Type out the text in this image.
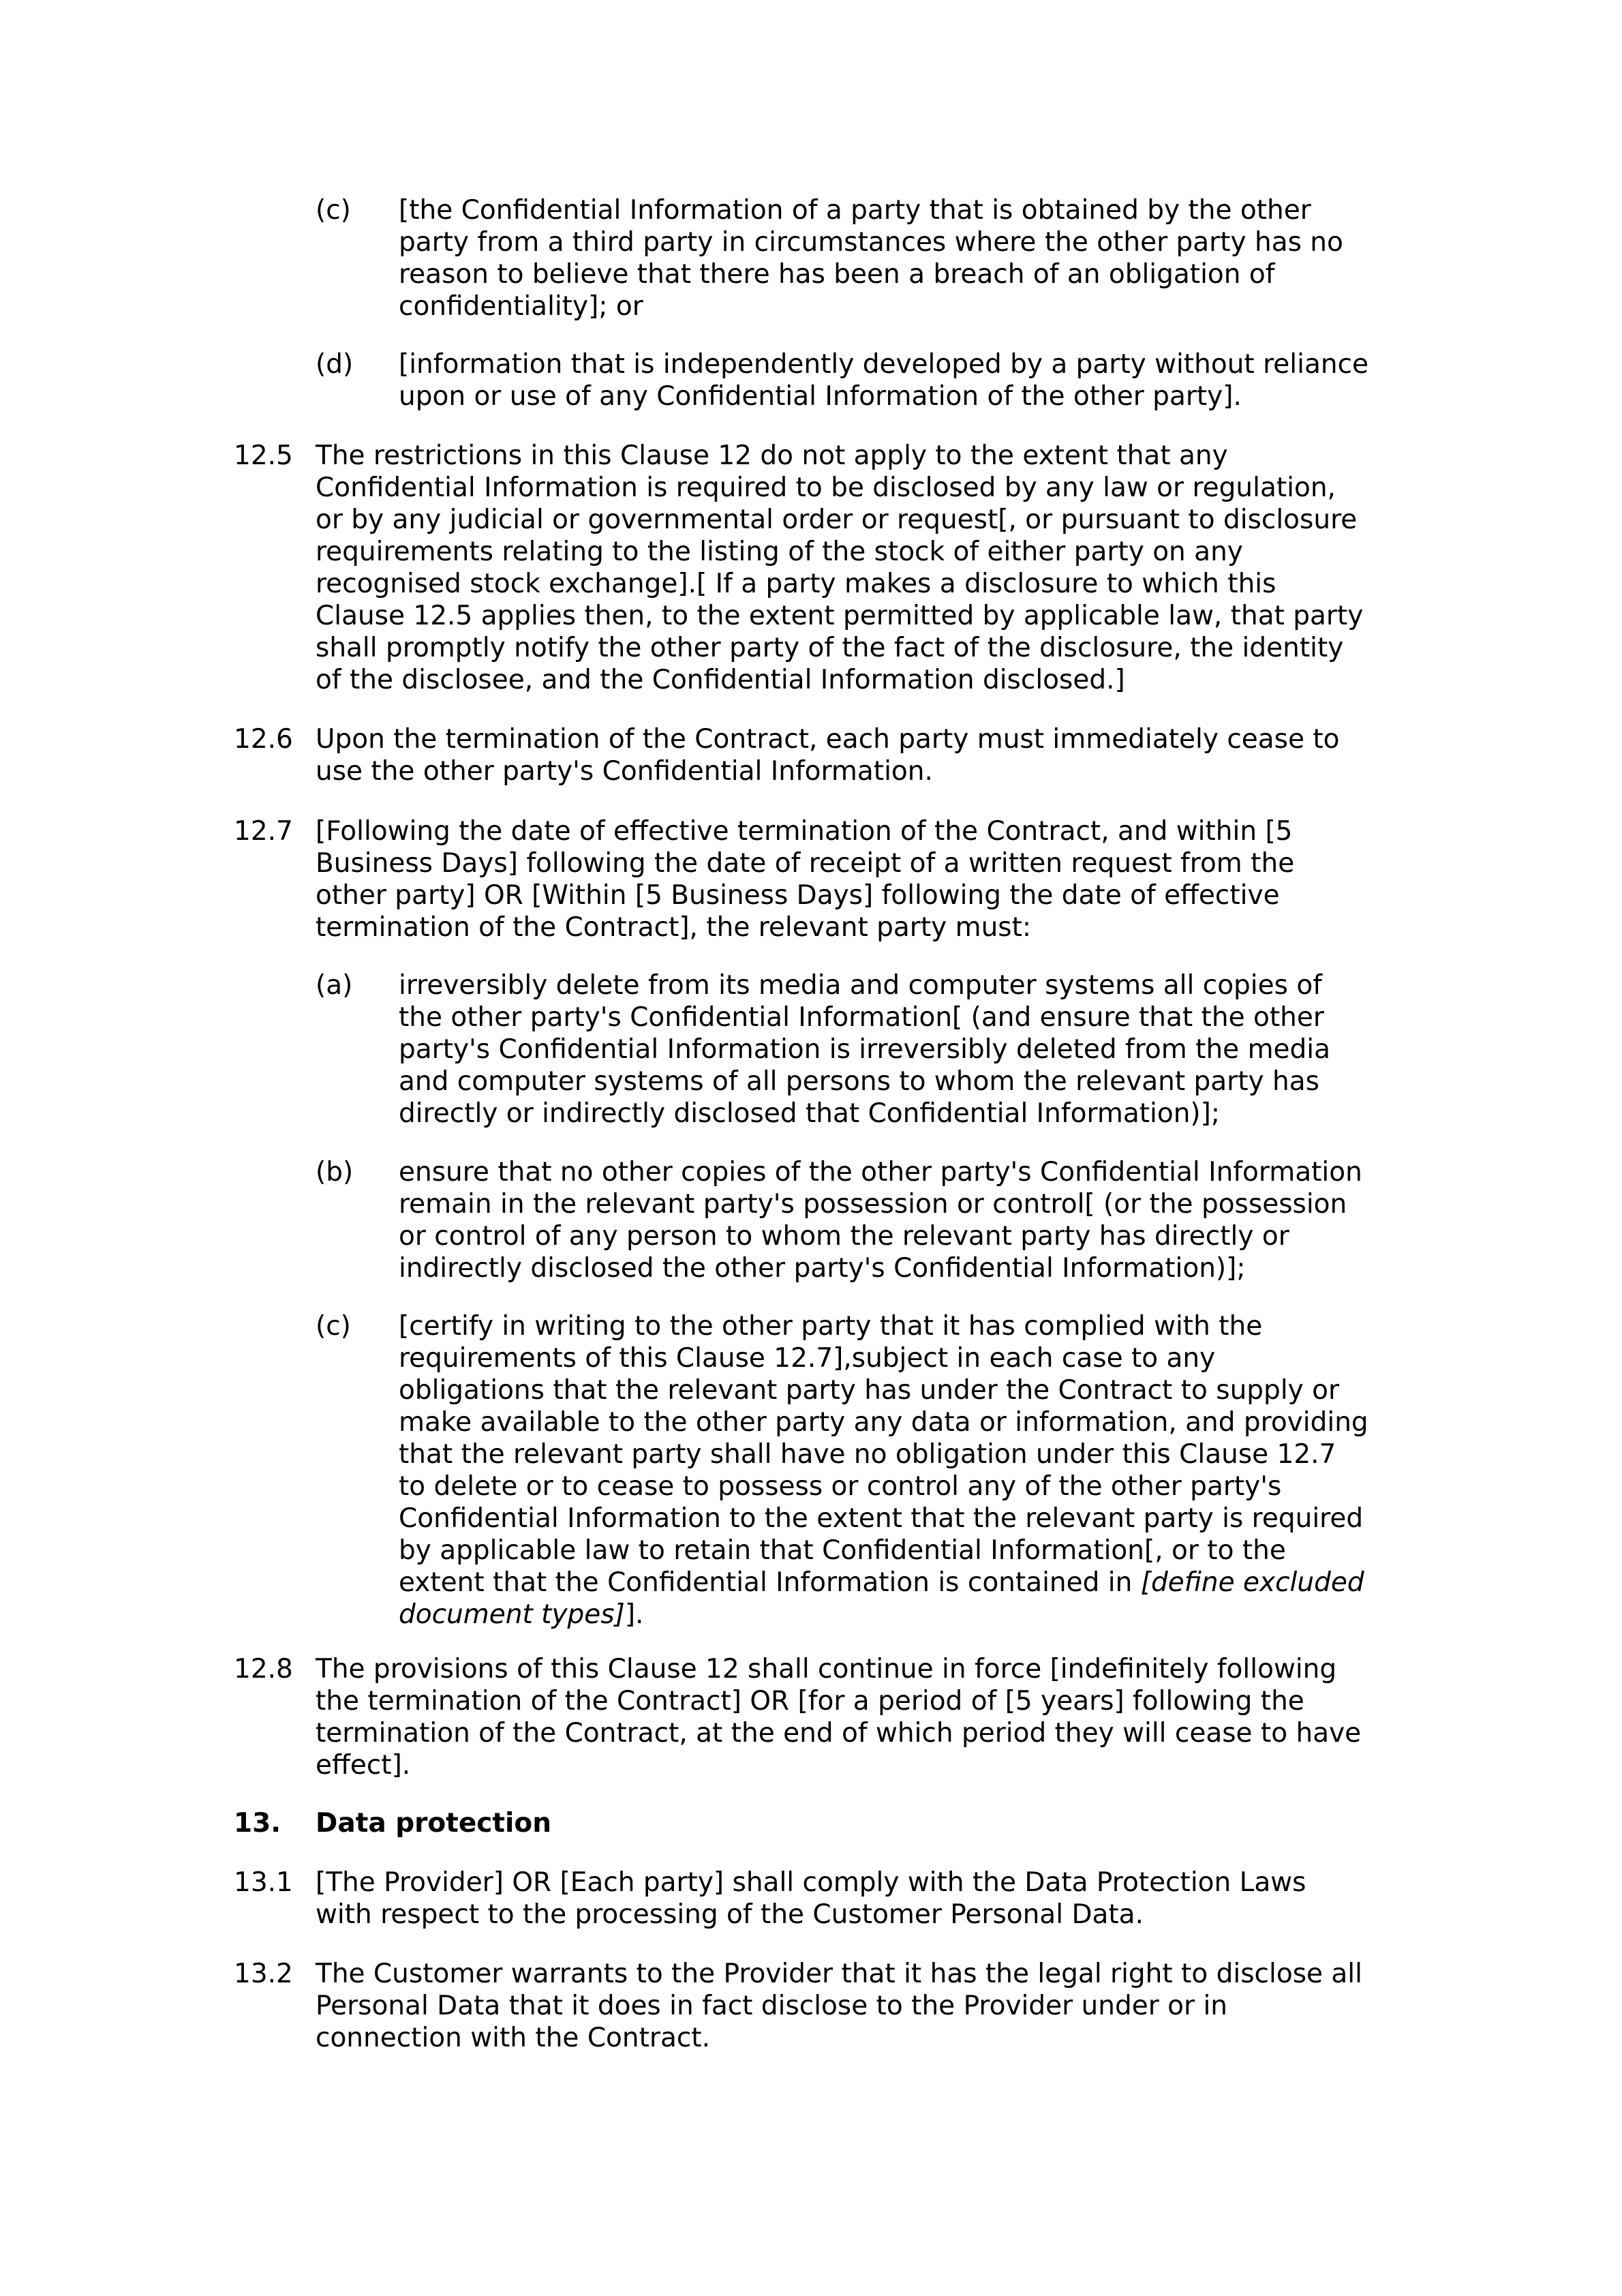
(c) [the Confidential Information of a party that is obtained by the other
party from a third party in circumstances where the other party has no
reason to believe that there has been a breach of an obligation of
confidentiality]; or
(d) [information that is independently developed by a party without reliance
upon or use of any Confidential Information of the other party].
12.5 The restrictions in this Clause 12 do not apply to the extent that any
Confidential Information is required to be disclosed by any law or regulation,
or by any judicial or governmental order or request[, or pursuant to disclosure
requirements relating to the listing of the stock of either party on any
recognised stock exchange].[ If a party makes a disclosure to which this
Clause 12.5 applies then, to the extent permitted by applicable law, that party
shall promptly notify the other party of the fact of the disclosure, the identity
of the disclosee, and the Confidential Information disclosed.]
12.6 Upon the termination of the Contract, each party must immediately cease to
use the other party's Confidential Information.
12.7 [Following the date of effective termination of the Contract, and within [5
Business Days] following the date of receipt of a written request from the
other party] OR [Within [5 Business Days] following the date of effective
termination of the Contract], the relevant party must:
(a) irreversibly delete from its media and computer systems all copies of
the other party's Confidential Information[ (and ensure that the other
party's Confidential Information is irreversibly deleted from the media
and computer systems of all persons to whom the relevant party has
directly or indirectly disclosed that Confidential Information)];
(b) ensure that no other copies of the other party's Confidential Information
remain in the relevant party's possession or control[ (or the possession
or control of any person to whom the relevant party has directly or
indirectly disclosed the other party's Confidential Information)];
(c) [certify in writing to the other party that it has complied with the
requirements of this Clause 12.7],subject in each case to any
obligations that the relevant party has under the Contract to supply or
make available to the other party any data or information, and providing
that the relevant party shall have no obligation under this Clause 12.7
to delete or to cease to possess or control any of the other party's
Confidential Information to the extent that the relevant party is required
by applicable law to retain that Confidential Information[, or to the
extent that the Confidential Information is contained in [define excluded
document types]].
12.8 The provisions of this Clause 12 shall continue in force [indefinitely following
the termination of the Contract] OR [for a period of [5 years] following the
termination of the Contract, at the end of which period they will cease to have
effect].
13. Data protection
13.1 [The Provider] OR [Each party] shall comply with the Data Protection Laws
with respect to the processing of the Customer Personal Data.
13.2 The Customer warrants to the Provider that it has the legal right to disclose all
Personal Data that it does in fact disclose to the Provider under or in
connection with the Contract.
